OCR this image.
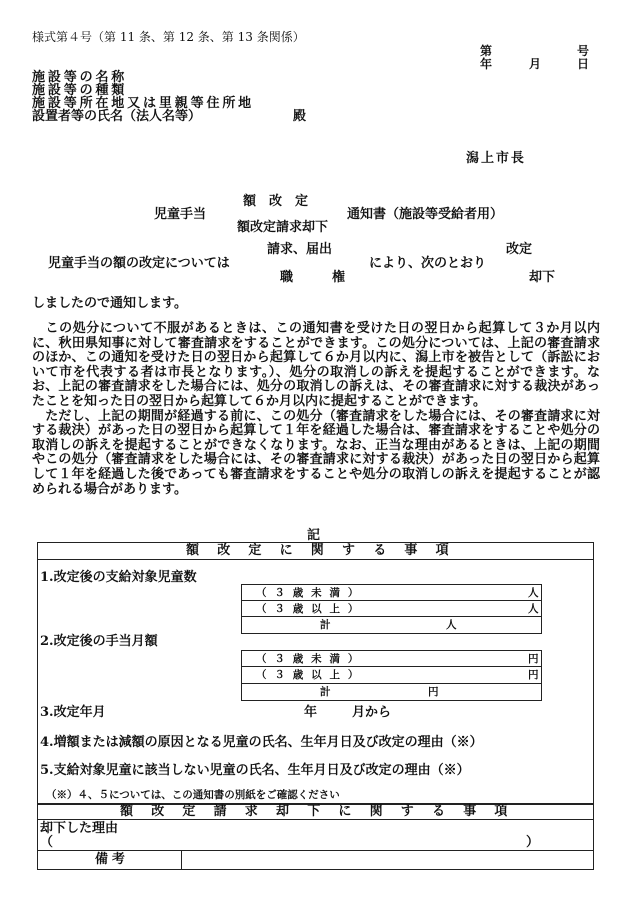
様式第４号（第 11 条、第 12 条、第 13 条関係）
第	号
年	月	日
施設等の名称
施設等の種類
施設等所在地又は里親等住所地
設置者等の氏名（法人名等）	殿
潟上市長
額　改　定
児童手当	通知書（施設等受給者用）
額改定請求却下
請求、届出	改定
児童手当の額の改定については	により、次のとおり
職　　　権	却下
しましたので通知します。
　この処分について不服があるときは、この通知書を受けた日の翌日から起算して３か月以内に、秋田県知事に対して審査請求をすることができます。この処分については、上記の審査請求のほか、この通知を受けた日の翌日から起算して６か月以内に、潟上市を被告として（訴訟において市を代表する者は市長となります。）、処分の取消しの訴えを提起することができます。なお、上記の審査請求をした場合には、処分の取消しの訴えは、その審査請求に対する裁決があったことを知った日の翌日から起算して６か月以内に提起することができます。
　ただし、上記の期間が経過する前に、この処分（審査請求をした場合には、その審査請求に対する裁決）があった日の翌日から起算して１年を経過した場合は、審査請求をすることや処分の取消しの訴えを提起することができなくなります。なお、正当な理由があるときは、上記の期間やこの処分（審査請求をした場合には、その審査請求に対する裁決）があった日の翌日から起算して１年を経過した後であっても審査請求をすることや処分の取消しの訴えを提起することが認められる場合があります。
記
額改定に関する事項
1.改定後の支給対象児童数
（３歳未満）	人
（３歳以上）	人
計	人
2.改定後の手当月額
（３歳未満）	円
（３歳以上）	円
計	円
3.改定年月	年	月から
4.増額または減額の原因となる児童の氏名、生年月日及び改定の理由（※）
5.支給対象児童に該当しない児童の氏名、生年月日及び改定の理由（※）
（※）４、５については、この通知書の別紙をご確認ください
額改定請求却下に関する事項
却下した理由
（	）
備考
